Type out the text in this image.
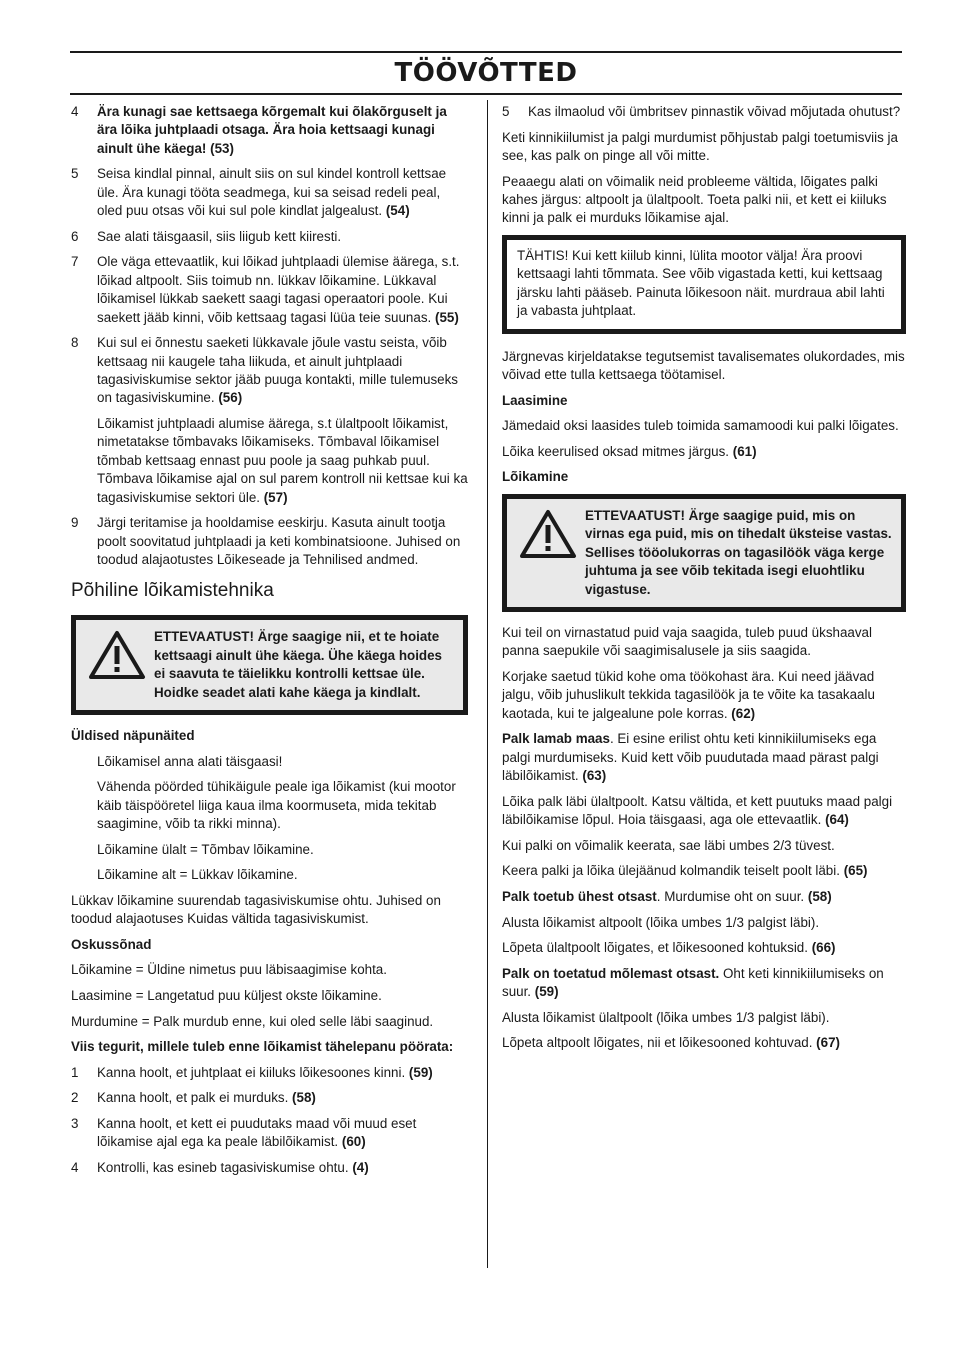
TÖÖVÕTTED
4	Ära kunagi sae kettsaega kõrgemalt kui õlakõrguselt ja ära lõika juhtplaadi otsaga. Ära hoia kettsaagi kunagi ainult ühe käega! (53)
5	Seisa kindlal pinnal, ainult siis on sul kindel kontroll kettsae üle. Ära kunagi tööta seadmega, kui sa seisad redeli peal, oled puu otsas või kui sul pole kindlat jalgealust. (54)
6	Sae alati täisgaasil, siis liigub kett kiiresti.
7	Ole väga ettevaatlik, kui lõikad juhtplaadi ülemise äärega, s.t. lõikad altpoolt. Siis toimub nn. lükkav lõikamine. Lükkaval lõikamisel lükkab saekett saagi tagasi operaatori poole. Kui saekett jääb kinni, võib kettsaag tagasi lüüa teie suunas. (55)
8	Kui sul ei õnnestu saeketi lükkavale jõule vastu seista, võib kettsaag nii kaugele taha liikuda, et ainult juhtplaadi tagasiviskumise sektor jääb puuga kontakti, mille tulemuseks on tagasiviskumine. (56)
Lõikamist juhtplaadi alumise äärega, s.t ülaltpoolt lõikamist, nimetatakse tõmbavaks lõikamiseks. Tõmbaval lõikamisel tõmbab kettsaag ennast puu poole ja saag puhkab puul. Tõmbava lõikamise ajal on sul parem kontroll nii kettsae kui ka tagasiviskumise sektori üle. (57)
9	Järgi teritamise ja hooldamise eeskirju. Kasuta ainult tootja poolt soovitatud juhtplaadi ja keti kombinatsioone. Juhised on toodud alajaotustes Lõikeseade ja Tehnilised andmed.
Põhiline lõikamistehnika
ETTEVAATUST! Ärge saagige nii, et te hoiate kettsaagi ainult ühe käega. Ühe käega hoides ei saavuta te täielikku kontrolli kettsae üle. Hoidke seadet alati kahe käega ja kindlalt.
Üldised näpunäited
Lõikamisel anna alati täisgaasi!
Vähenda pöörded tühikäigule peale iga lõikamist (kui mootor käib täispööretel liiga kaua ilma koormuseta, mida tekitab saagimine, võib ta rikki minna).
Lõikamine ülalt = Tõmbav lõikamine.
Lõikamine alt = Lükkav lõikamine.
Lükkav lõikamine suurendab tagasiviskumise ohtu. Juhised on toodud alajaotuses Kuidas vältida tagasiviskumist.
Oskussõnad
Lõikamine = Üldine nimetus puu läbisaagimise kohta.
Laasimine = Langetatud puu küljest okste lõikamine.
Murdumine = Palk murdub enne, kui oled selle läbi saaginud.
Viis tegurit, millele tuleb enne lõikamist tähelepanu pöörata:
1	Kanna hoolt, et juhtplaat ei kiiluks lõikesoones kinni. (59)
2	Kanna hoolt, et palk ei murduks. (58)
3	Kanna hoolt, et kett ei puudutaks maad või muud eset lõikamise ajal ega ka peale läbilõikamist. (60)
4	Kontrolli, kas esineb tagasiviskumise ohtu. (4)
5	Kas ilmaolud või ümbritsev pinnastik võivad mõjutada ohutust?
Keti kinnikiilumist ja palgi murdumist põhjustab palgi toetumisviis ja see, kas palk on pinge all või mitte.
Peaaegu alati on võimalik neid probleeme vältida, lõigates palki kahes järgus: altpoolt ja ülaltpoolt. Toeta palki nii, et kett ei kiiluks kinni ja palk ei murduks lõikamise ajal.
TÄHTIS! Kui kett kiilub kinni, lülita mootor välja! Ära proovi kettsaagi lahti tõmmata. See võib vigastada ketti, kui kettsaag järsku lahti pääseb. Painuta lõikesoon näit. murdraua abil lahti ja vabasta juhtplaat.
Järgnevas kirjeldatakse tegutsemist tavalisemates olukordades, mis võivad ette tulla kettsaega töötamisel.
Laasimine
Jämedaid oksi laasides tuleb toimida samamoodi kui palki lõigates.
Lõika keerulised oksad mitmes järgus. (61)
Lõikamine
ETTEVAATUST! Ärge saagige puid, mis on virnas ega puid, mis on tihedalt üksteise vastas. Sellises tööolukorras on tagasilöök väga kerge juhtuma ja see võib tekitada isegi eluohtliku vigastuse.
Kui teil on virnastatud puid vaja saagida, tuleb puud ükshaaval panna saepukile või saagimisalusele ja siis saagida.
Korjake saetud tükid kohe oma töökohast ära. Kui need jäävad jalgu, võib juhuslikult tekkida tagasilöök ja te võite ka tasakaalu kaotada, kui te jalgealune pole korras. (62)
Palk lamab maas. Ei esine erilist ohtu keti kinnikiilumiseks ega palgi murdumiseks. Kuid kett võib puudutada maad pärast palgi läbilõikamist. (63)
Lõika palk läbi ülaltpoolt. Katsu vältida, et kett puutuks maad palgi läbilõikamise lõpul. Hoia täisgaasi, aga ole ettevaatlik. (64)
Kui palki on võimalik keerata, sae läbi umbes 2/3 tüvest.
Keera palki ja lõika ülejäänud kolmandik teiselt poolt läbi. (65)
Palk toetub ühest otsast. Murdumise oht on suur. (58)
Alusta lõikamist altpoolt (lõika umbes 1/3 palgist läbi).
Lõpeta ülaltpoolt lõigates, et lõikesooned kohtuksid. (66)
Palk on toetatud mõlemast otsast. Oht keti kinnikiilumiseks on suur. (59)
Alusta lõikamist ülaltpoolt (lõika umbes 1/3 palgist läbi).
Lõpeta altpoolt lõigates, nii et lõikesooned kohtuvad. (67)
